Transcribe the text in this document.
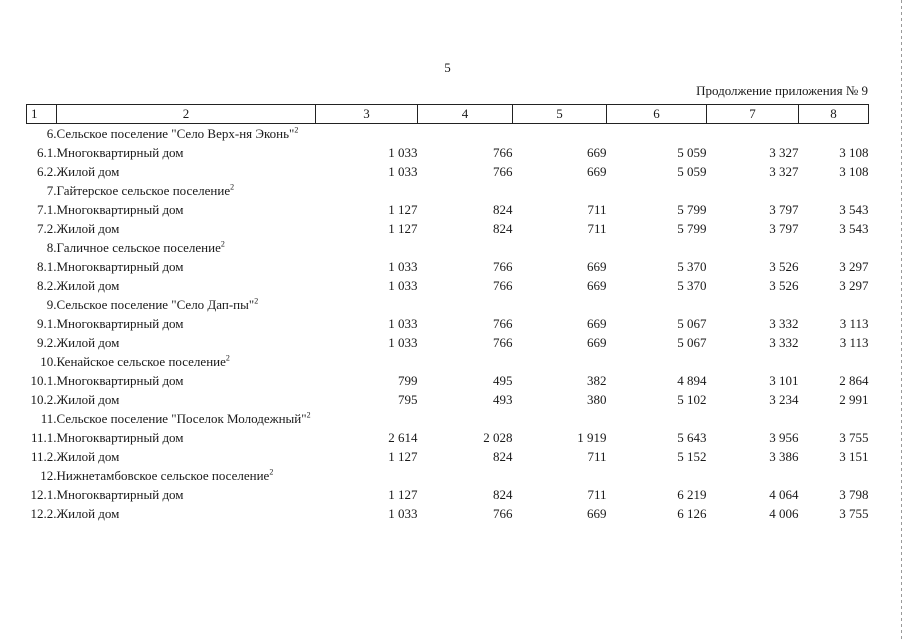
5
Продолжение приложения № 9
1	2	3	4	5	6	7	8
6.	Сельское поселение "Село Верх-ня Эконь"$^2$						
6.1.	Многоквартирный дом	1 033	766	669	5 059	3 327	3 108
6.2.	Жилой дом	1 033	766	669	5 059	3 327	3 108
7.	Гайтерское сельское поселение$^2$						
7.1.	Многоквартирный дом	1 127	824	711	5 799	3 797	3 543
7.2.	Жилой дом	1 127	824	711	5 799	3 797	3 543
8.	Галичное сельское поселение$^2$						
8.1.	Многоквартирный дом	1 033	766	669	5 370	3 526	3 297
8.2.	Жилой дом	1 033	766	669	5 370	3 526	3 297
9.	Сельское поселение "Село Дап-пы"$^2$						
9.1.	Многоквартирный дом	1 033	766	669	5 067	3 332	3 113
9.2.	Жилой дом	1 033	766	669	5 067	3 332	3 113
10.	Кенайское сельское поселение$^2$						
10.1.	Многоквартирный дом	799	495	382	4 894	3 101	2 864
10.2.	Жилой дом	795	493	380	5 102	3 234	2 991
11.	Сельское поселение "Поселок Молодежный"$^2$						
11.1.	Многоквартирный дом	2 614	2 028	1 919	5 643	3 956	3 755
11.2.	Жилой дом	1 127	824	711	5 152	3 386	3 151
12.	Нижнетамбовское сельское поселение$^2$						
12.1.	Многоквартирный дом	1 127	824	711	6 219	4 064	3 798
12.2.	Жилой дом	1 033	766	669	6 126	4 006	3 755
